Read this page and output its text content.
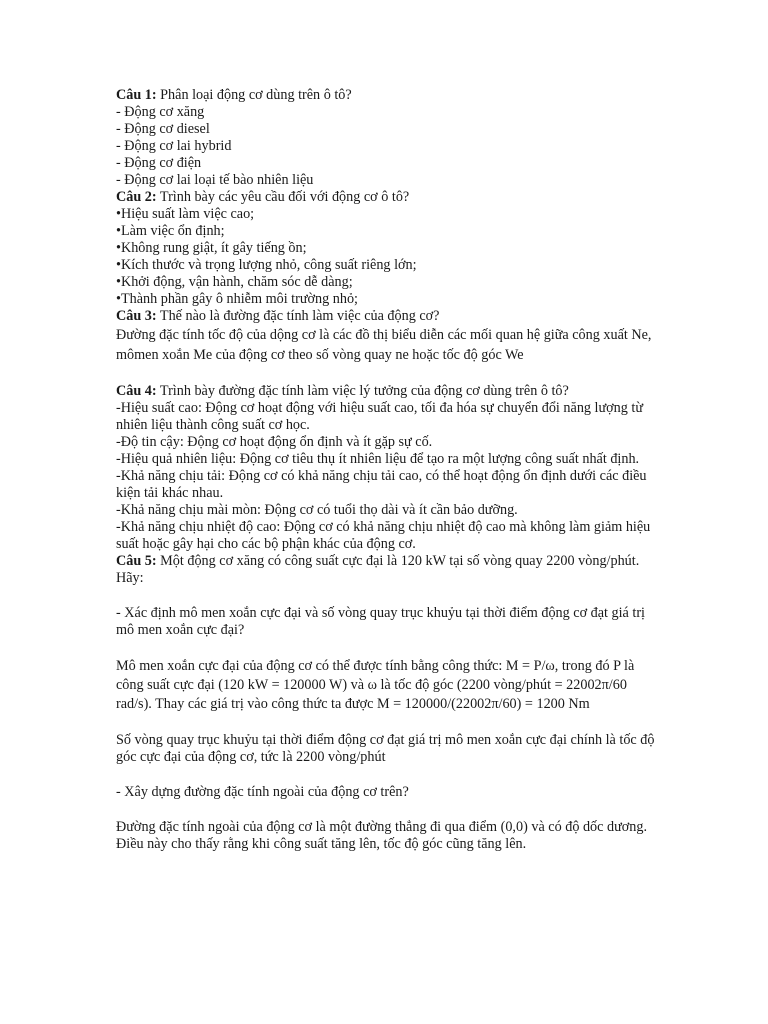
Câu 1: Phân loại động cơ dùng trên ô tô?
- Động cơ xăng
- Động cơ diesel
- Động cơ lai hybrid
- Động cơ điện
- Động cơ lai loại tế bào nhiên liệu
Câu 2: Trình bày các yêu cầu đối với động cơ ô tô?
•Hiệu suất làm việc cao;
•Làm việc ổn định;
•Không rung giật, ít gây tiếng ồn;
•Kích thước và trọng lượng nhỏ, công suất riêng lớn;
•Khởi động, vận hành, chăm sóc dễ dàng;
•Thành phần gây ô nhiễm môi trường nhỏ;
Câu 3: Thế nào là đường đặc tính làm việc của động cơ?
Đường đặc tính tốc độ của dộng cơ là các đồ thị biểu diễn các mối quan hệ giữa công xuất Ne, mômen xoắn Me của động cơ theo số vòng quay ne hoặc tốc độ góc We
Câu 4: Trình bày đường đặc tính làm việc lý tưởng của động cơ dùng trên ô tô?
-Hiệu suất cao: Động cơ hoạt động với hiệu suất cao, tối đa hóa sự chuyển đổi năng lượng từ nhiên liệu thành công suất cơ học.
-Độ tin cậy: Động cơ hoạt động ổn định và ít gặp sự cố.
-Hiệu quả nhiên liệu: Động cơ tiêu thụ ít nhiên liệu để tạo ra một lượng công suất nhất định.
-Khả năng chịu tải: Động cơ có khả năng chịu tải cao, có thể hoạt động ổn định dưới các điều kiện tải khác nhau.
-Khả năng chịu mài mòn: Động cơ có tuổi thọ dài và ít cần bảo dưỡng.
-Khả năng chịu nhiệt độ cao: Động cơ có khả năng chịu nhiệt độ cao mà không làm giảm hiệu suất hoặc gây hại cho các bộ phận khác của động cơ.
Câu 5: Một động cơ xăng có công suất cực đại là 120 kW tại số vòng quay 2200 vòng/phút. Hãy:
- Xác định mô men xoắn cực đại và số vòng quay trục khuỷu tại thời điểm động cơ đạt giá trị mô men xoắn cực đại?
Mô men xoắn cực đại của động cơ có thể được tính bằng công thức: M = P/ω, trong đó P là công suất cực đại (120 kW = 120000 W) và ω là tốc độ góc (2200 vòng/phút = 22002π/60 rad/s). Thay các giá trị vào công thức ta được M = 120000/(22002π/60) = 1200 Nm
Số vòng quay trục khuỷu tại thời điểm động cơ đạt giá trị mô men xoắn cực đại chính là tốc độ góc cực đại của động cơ, tức là 2200 vòng/phút
- Xây dựng đường đặc tính ngoài của động cơ trên?
Đường đặc tính ngoài của động cơ là một đường thẳng đi qua điểm (0,0) và có độ dốc dương. Điều này cho thấy rằng khi công suất tăng lên, tốc độ góc cũng tăng lên.
